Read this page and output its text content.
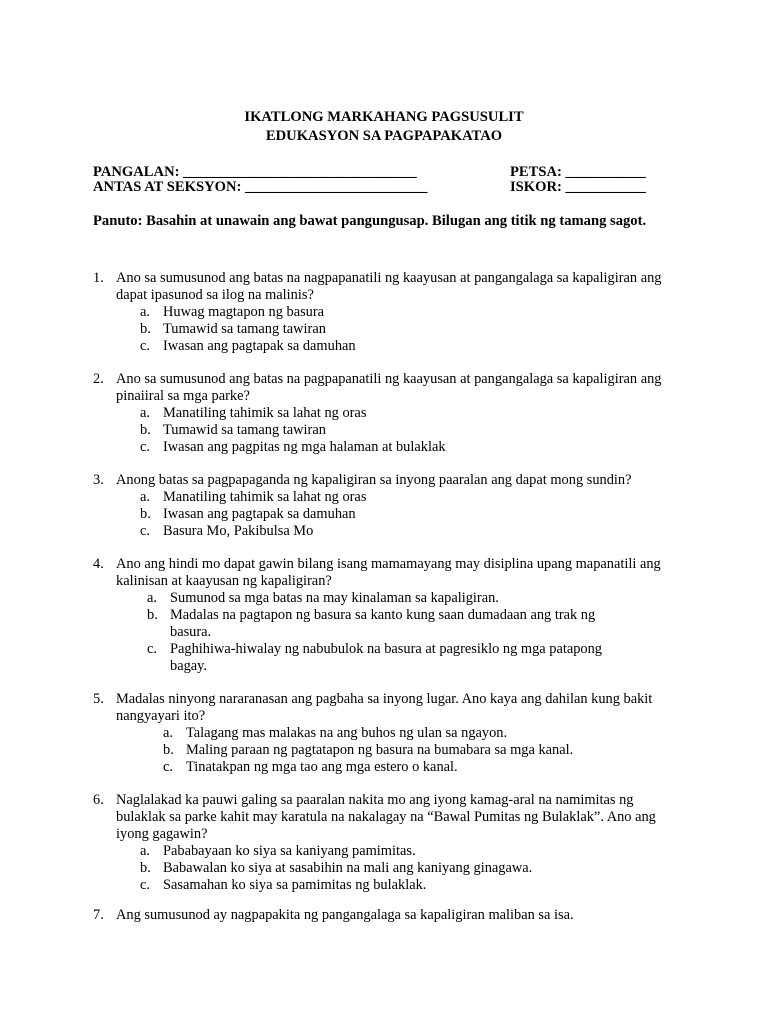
IKATLONG MARKAHANG PAGSUSULIT
EDUKASYON SA PAGPAPAKATAO
PANGALAN: ________________________________	PETSA: ___________
ANTAS AT SEKSYON: _________________________	ISKOR: ___________
Panuto: Basahin at unawain ang bawat pangungusap. Bilugan ang titik ng tamang sagot.
1. Ano sa sumusunod ang batas na nagpapanatili ng kaayusan at pangangalaga sa kapaligiran ang dapat ipasunod sa ilog na malinis?
a. Huwag magtapon ng basura
b. Tumawid sa tamang tawiran
c. Iwasan ang pagtapak sa damuhan
2. Ano sa sumusunod ang batas na pagpapanatili ng kaayusan at pangangalaga sa kapaligiran ang pinaiiral sa mga parke?
a. Manatiling tahimik sa lahat ng oras
b. Tumawid sa tamang tawiran
c. Iwasan ang pagpitas ng mga halaman at bulaklak
3. Anong batas sa pagpapaganda ng kapaligiran sa inyong paaralan ang dapat mong sundin?
a. Manatiling tahimik sa lahat ng oras
b. Iwasan ang pagtapak sa damuhan
c. Basura Mo, Pakibulsa Mo
4. Ano ang hindi mo dapat gawin bilang isang mamamayang may disiplina upang mapanatili ang kalinisan at kaayusan ng kapaligiran?
a. Sumunod sa mga batas na may kinalaman sa kapaligiran.
b. Madalas na pagtapon ng basura sa kanto kung saan dumadaan ang trak ng basura.
c. Paghihiwa-hiwalay ng nabubulok na basura at pagresiklo ng mga patapong bagay.
5. Madalas ninyong nararanasan ang pagbaha sa inyong lugar. Ano kaya ang dahilan kung bakit nangyayari ito?
a. Talagang mas malakas na ang buhos ng ulan sa ngayon.
b. Maling paraan ng pagtatapon ng basura na bumabara sa mga kanal.
c. Tinatakpan ng mga tao ang mga estero o kanal.
6. Naglalakad ka pauwi galing sa paaralan nakita mo ang iyong kamag-aral na namimitas ng bulaklak sa parke kahit may karatula na nakalagay na “Bawal Pumitas ng Bulaklak”. Ano ang iyong gagawin?
a. Pababayaan ko siya sa kaniyang pamimitas.
b. Babawalan ko siya at sasabihin na mali ang kaniyang ginagawa.
c. Sasamahan ko siya sa pamimitas ng bulaklak.
7. Ang sumusunod ay nagpapakita ng pangangalaga sa kapaligiran maliban sa isa.
